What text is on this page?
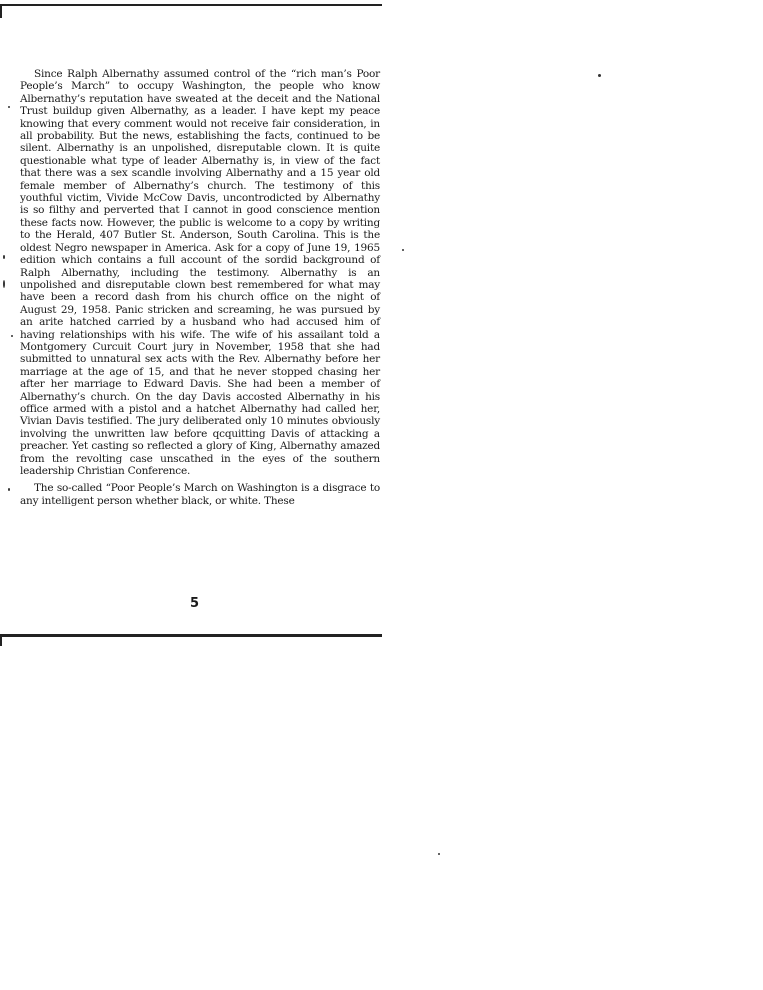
Since Ralph Albernathy assumed control of the “rich man’s Poor People’s March” to occupy Washington, the people who know Albernathy’s reputation have sweated at the deceit and the National Trust buildup given Albernathy, as a leader. I have kept my peace knowing that every comment would not receive fair consideration, in all probability. But the news, establishing the facts, continued to be silent. Albernathy is an unpolished, disreputable clown. It is quite questionable what type of leader Albernathy is, in view of the fact that there was a sex scandle involving Albernathy and a 15 year old female member of Albernathy’s church. The testimony of this youthful victim, Vivide McCow Davis, uncontrodicted by Albernathy is so filthy and perverted that I cannot in good conscience mention these facts now. However, the public is welcome to a copy by writing to the Herald, 407 Butler St. Anderson, South Carolina. This is the oldest Negro newspaper in America. Ask for a copy of June 19, 1965 edition which contains a full account of the sordid background of Ralph Albernathy, including the testimony. Albernathy is an unpolished and disreputable clown best remembered for what may have been a record dash from his church office on the night of August 29, 1958. Panic stricken and screaming, he was pursued by an arite hatched carried by a husband who had accused him of having relationships with his wife. The wife of his assailant told a Montgomery Curcuit Court jury in November, 1958 that she had submitted to unnatural sex acts with the Rev. Albernathy before her marriage at the age of 15, and that he never stopped chasing her after her marriage to Edward Davis. She had been a member of Albernathy’s church. On the day Davis accosted Albernathy in his office armed with a pistol and a hatchet Albernathy had called her, Vivian Davis testified. The jury deliberated only 10 minutes obviously involving the unwritten law before qcquitting Davis of attacking a preacher. Yet casting so reflected a glory of King, Albernathy amazed from the revolting case unscathed in the eyes of the southern leadership Christian Conference.

The so-called “Poor People’s March on Washington is a disgrace to any intelligent person whether black, or white. These

5
